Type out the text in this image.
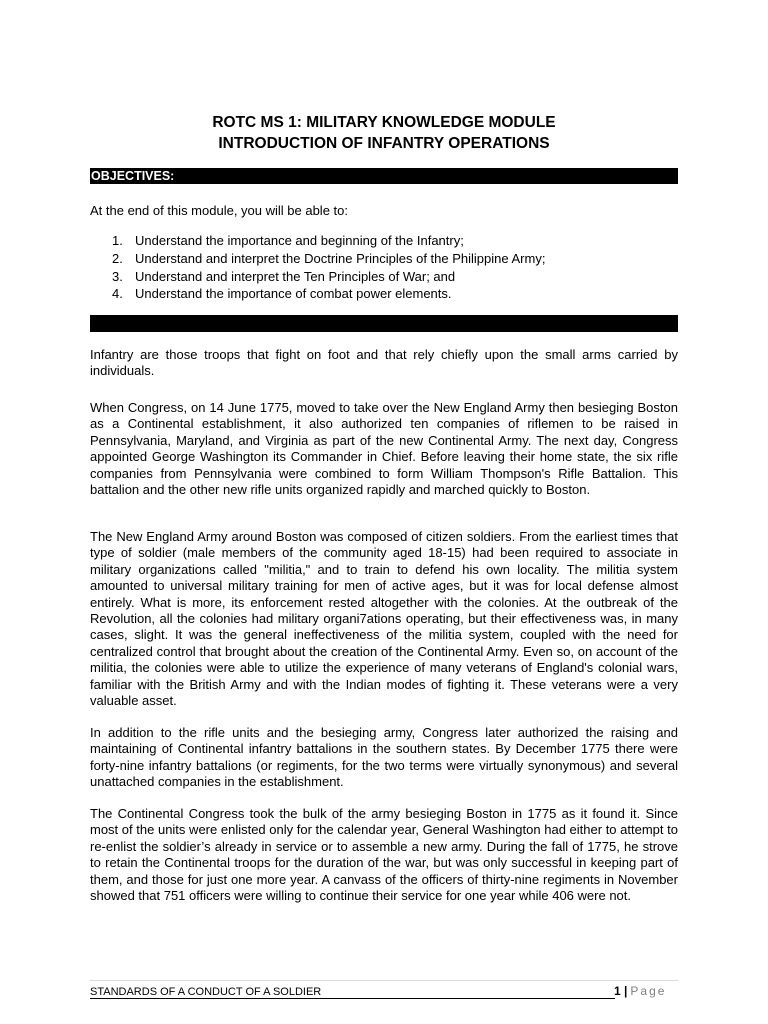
ROTC MS 1: MILITARY KNOWLEDGE MODULE
INTRODUCTION OF INFANTRY OPERATIONS
OBJECTIVES:
At the end of this module, you will be able to:
1. Understand the importance and beginning of the Infantry;
2. Understand and interpret the Doctrine Principles of the Philippine Army;
3. Understand and interpret the Ten Principles of War; and
4. Understand the importance of combat power elements.

Infantry are those troops that fight on foot and that rely chiefly upon the small arms carried by individuals.

When Congress, on 14 June 1775, moved to take over the New England Army then besieging Boston as a Continental establishment, it also authorized ten companies of riflemen to be raised in Pennsylvania, Maryland, and Virginia as part of the new Continental Army. The next day, Congress appointed George Washington its Commander in Chief. Before leaving their home state, the six rifle companies from Pennsylvania were combined to form William Thompson's Rifle Battalion. This battalion and the other new rifle units organized rapidly and marched quickly to Boston.

The New England Army around Boston was composed of citizen soldiers. From the earliest times that type of soldier (male members of the community aged 18-15) had been required to associate in military organizations called "militia," and to train to defend his own locality. The militia system amounted to universal military training for men of active ages, but it was for local defense almost entirely. What is more, its enforcement rested altogether with the colonies. At the outbreak of the Revolution, all the colonies had military organi7ations operating, but their effectiveness was, in many cases, slight. It was the general ineffectiveness of the militia system, coupled with the need for centralized control that brought about the creation of the Continental Army. Even so, on account of the militia, the colonies were able to utilize the experience of many veterans of England's colonial wars, familiar with the British Army and with the Indian modes of fighting it. These veterans were a very valuable asset.

In addition to the rifle units and the besieging army, Congress later authorized the raising and maintaining of Continental infantry battalions in the southern states. By December 1775 there were forty-nine infantry battalions (or regiments, for the two terms were virtually synonymous) and several unattached companies in the establishment.

The Continental Congress took the bulk of the army besieging Boston in 1775 as it found it. Since most of the units were enlisted only for the calendar year, General Washington had either to attempt to re-enlist the soldier’s already in service or to assemble a new army. During the fall of 1775, he strove to retain the Continental troops for the duration of the war, but was only successful in keeping part of them, and those for just one more year. A canvass of the officers of thirty-nine regiments in November showed that 751 officers were willing to continue their service for one year while 406 were not.

STANDARDS OF A CONDUCT OF A SOLDIER	1 | Page
